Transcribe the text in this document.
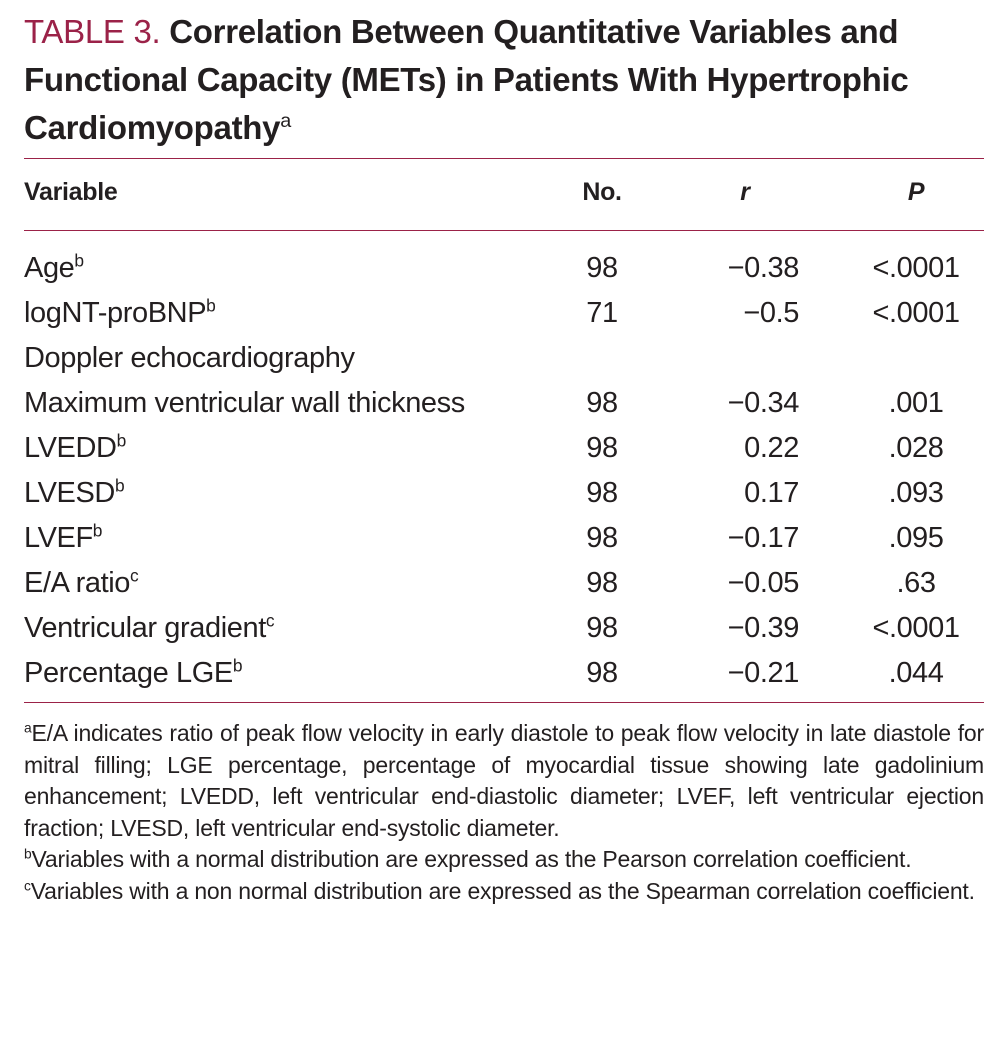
TABLE 3. Correlation Between Quantitative Variables and Functional Capacity (METs) in Patients With Hypertrophic Cardiomyopathy$^a$
Variable	No.	r	P
Age$^b$	98	−0.38	<.0001
logNT-proBNP$^b$	71	−0.5	<.0001
Doppler echocardiography
Maximum ventricular wall thickness	98	−0.34	.001
LVEDD$^b$	98	0.22	.028
LVESD$^b$	98	0.17	.093
LVEF$^b$	98	−0.17	.095
E/A ratio$^c$	98	−0.05	.63
Ventricular gradient$^c$	98	−0.39	<.0001
Percentage LGE$^b$	98	−0.21	.044

$^a$E/A indicates ratio of peak flow velocity in early diastole to peak flow velocity in late diastole for mitral filling; LGE percentage, percentage of myocardial tissue showing late gadolinium enhancement; LVEDD, left ventricular end-diastolic diameter; LVEF, left ventricular ejection fraction; LVESD, left ventricular end-systolic diameter.

$^b$Variables with a normal distribution are expressed as the Pearson correlation coefficient.

$^c$Variables with a non normal distribution are expressed as the Spearman correlation coefficient.
